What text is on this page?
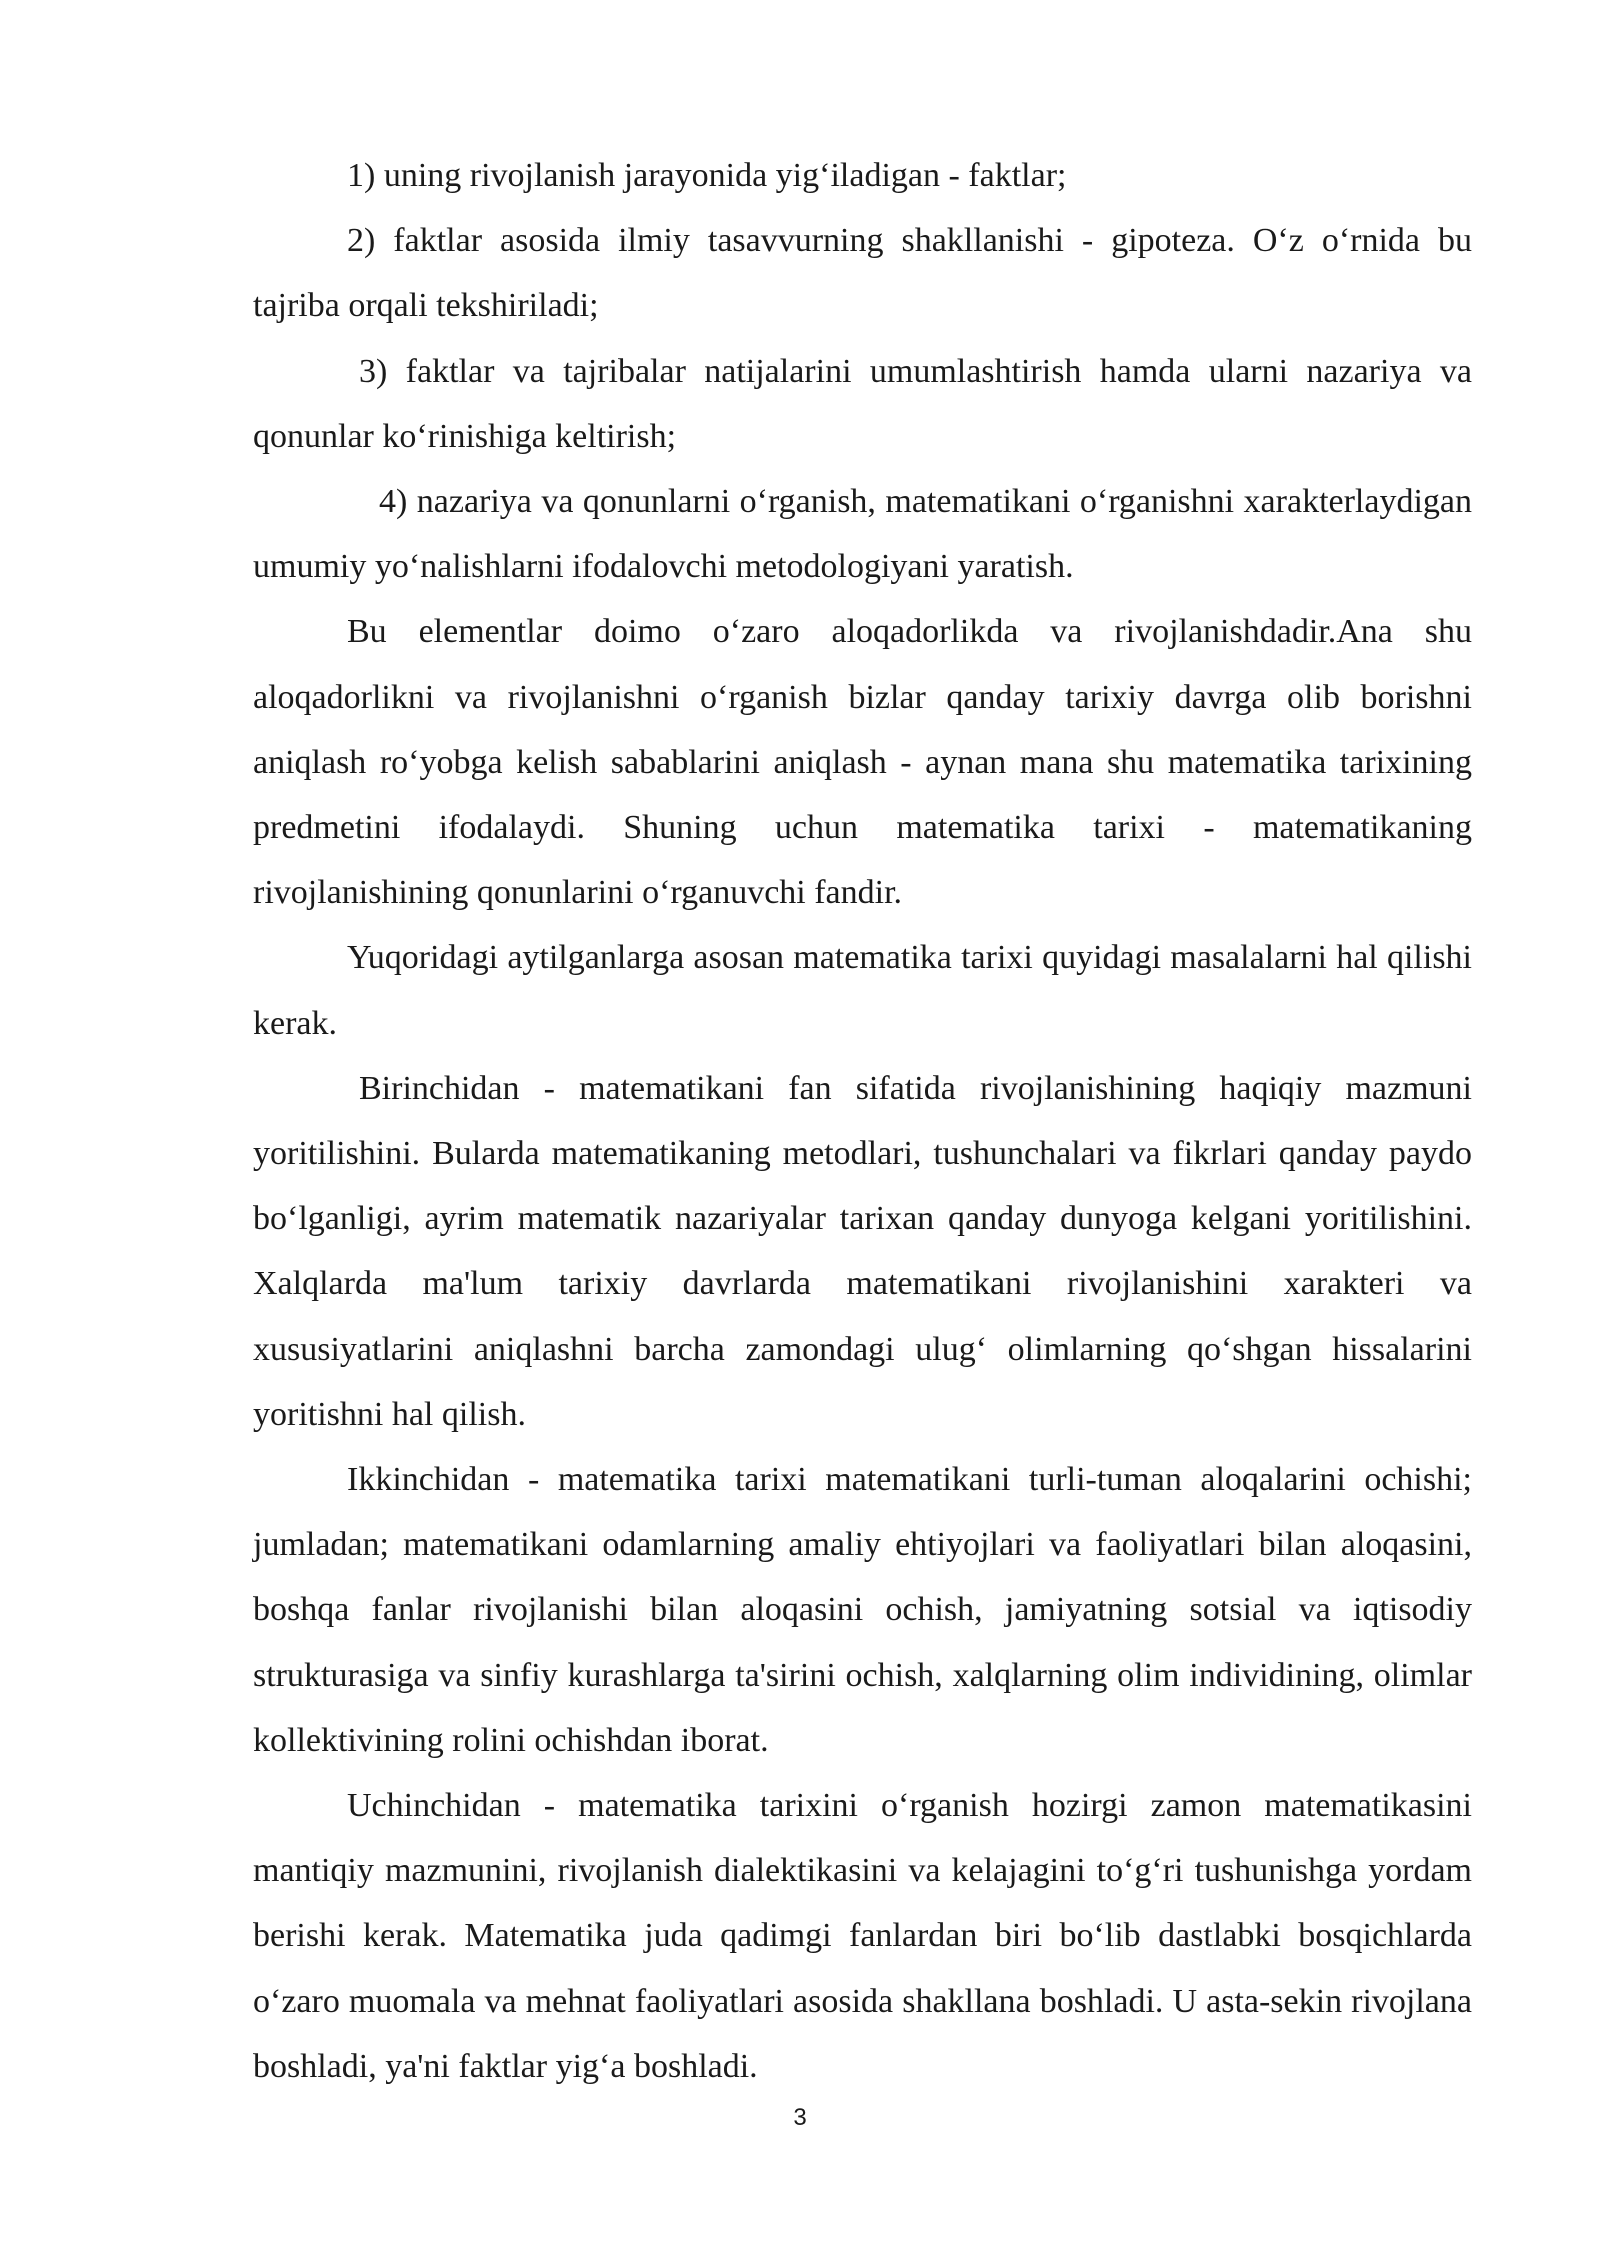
1) uning rivojlanish jarayonida yig‘iladigan - faktlar;

2) faktlar asosida ilmiy tasavvurning shakllanishi - gipoteza. O‘z o‘rnida bu tajriba orqali tekshiriladi;

3) faktlar va tajribalar natijalarini umumlashtirish hamda ularni nazariya va qonunlar ko‘rinishiga keltirish;

4) nazariya va qonunlarni o‘rganish, matematikani o‘rganishni xarakterlaydigan umumiy yo‘nalishlarni ifodalovchi metodologiyani yaratish.

Bu elementlar doimo o‘zaro aloqadorlikda va rivojlanishdadir.Ana shu aloqadorlikni va rivojlanishni o‘rganish bizlar qanday tarixiy davrga olib borishni aniqlash ro‘yobga kelish sabablarini aniqlash - aynan mana shu matematika tarixining predmetini ifodalaydi. Shuning uchun matematika tarixi - matematikaning rivojlanishining qonunlarini o‘rganuvchi fandir.

Yuqoridagi aytilganlarga asosan matematika tarixi quyidagi masalalarni hal qilishi kerak.

Birinchidan - matematikani fan sifatida rivojlanishining haqiqiy mazmuni yoritilishini. Bularda matematikaning metodlari, tushunchalari va fikrlari qanday paydo bo‘lganligi, ayrim matematik nazariyalar tarixan qanday dunyoga kelgani yoritilishini. Xalqlarda ma'lum tarixiy davrlarda matematikani rivojlanishini xarakteri va xususiyatlarini aniqlashni barcha zamondagi ulug‘ olimlarning qo‘shgan hissalarini yoritishni hal qilish.

Ikkinchidan - matematika tarixi matematikani turli-tuman aloqalarini ochishi; jumladan; matematikani odamlarning amaliy ehtiyojlari va faoliyatlari bilan aloqasini, boshqa fanlar rivojlanishi bilan aloqasini ochish, jamiyatning sotsial va iqtisodiy strukturasiga va sinfiy kurashlarga ta'sirini ochish, xalqlarning olim individining, olimlar kollektivining rolini ochishdan iborat.

Uchinchidan - matematika tarixini o‘rganish hozirgi zamon matematikasini mantiqiy mazmunini, rivojlanish dialektikasini va kelajagini to‘g‘ri tushunishga yordam berishi kerak. Matematika juda qadimgi fanlardan biri bo‘lib dastlabki bosqichlarda o‘zaro muomala va mehnat faoliyatlari asosida shakllana boshladi. U asta-sekin rivojlana boshladi, ya'ni faktlar yig‘a boshladi.

3
